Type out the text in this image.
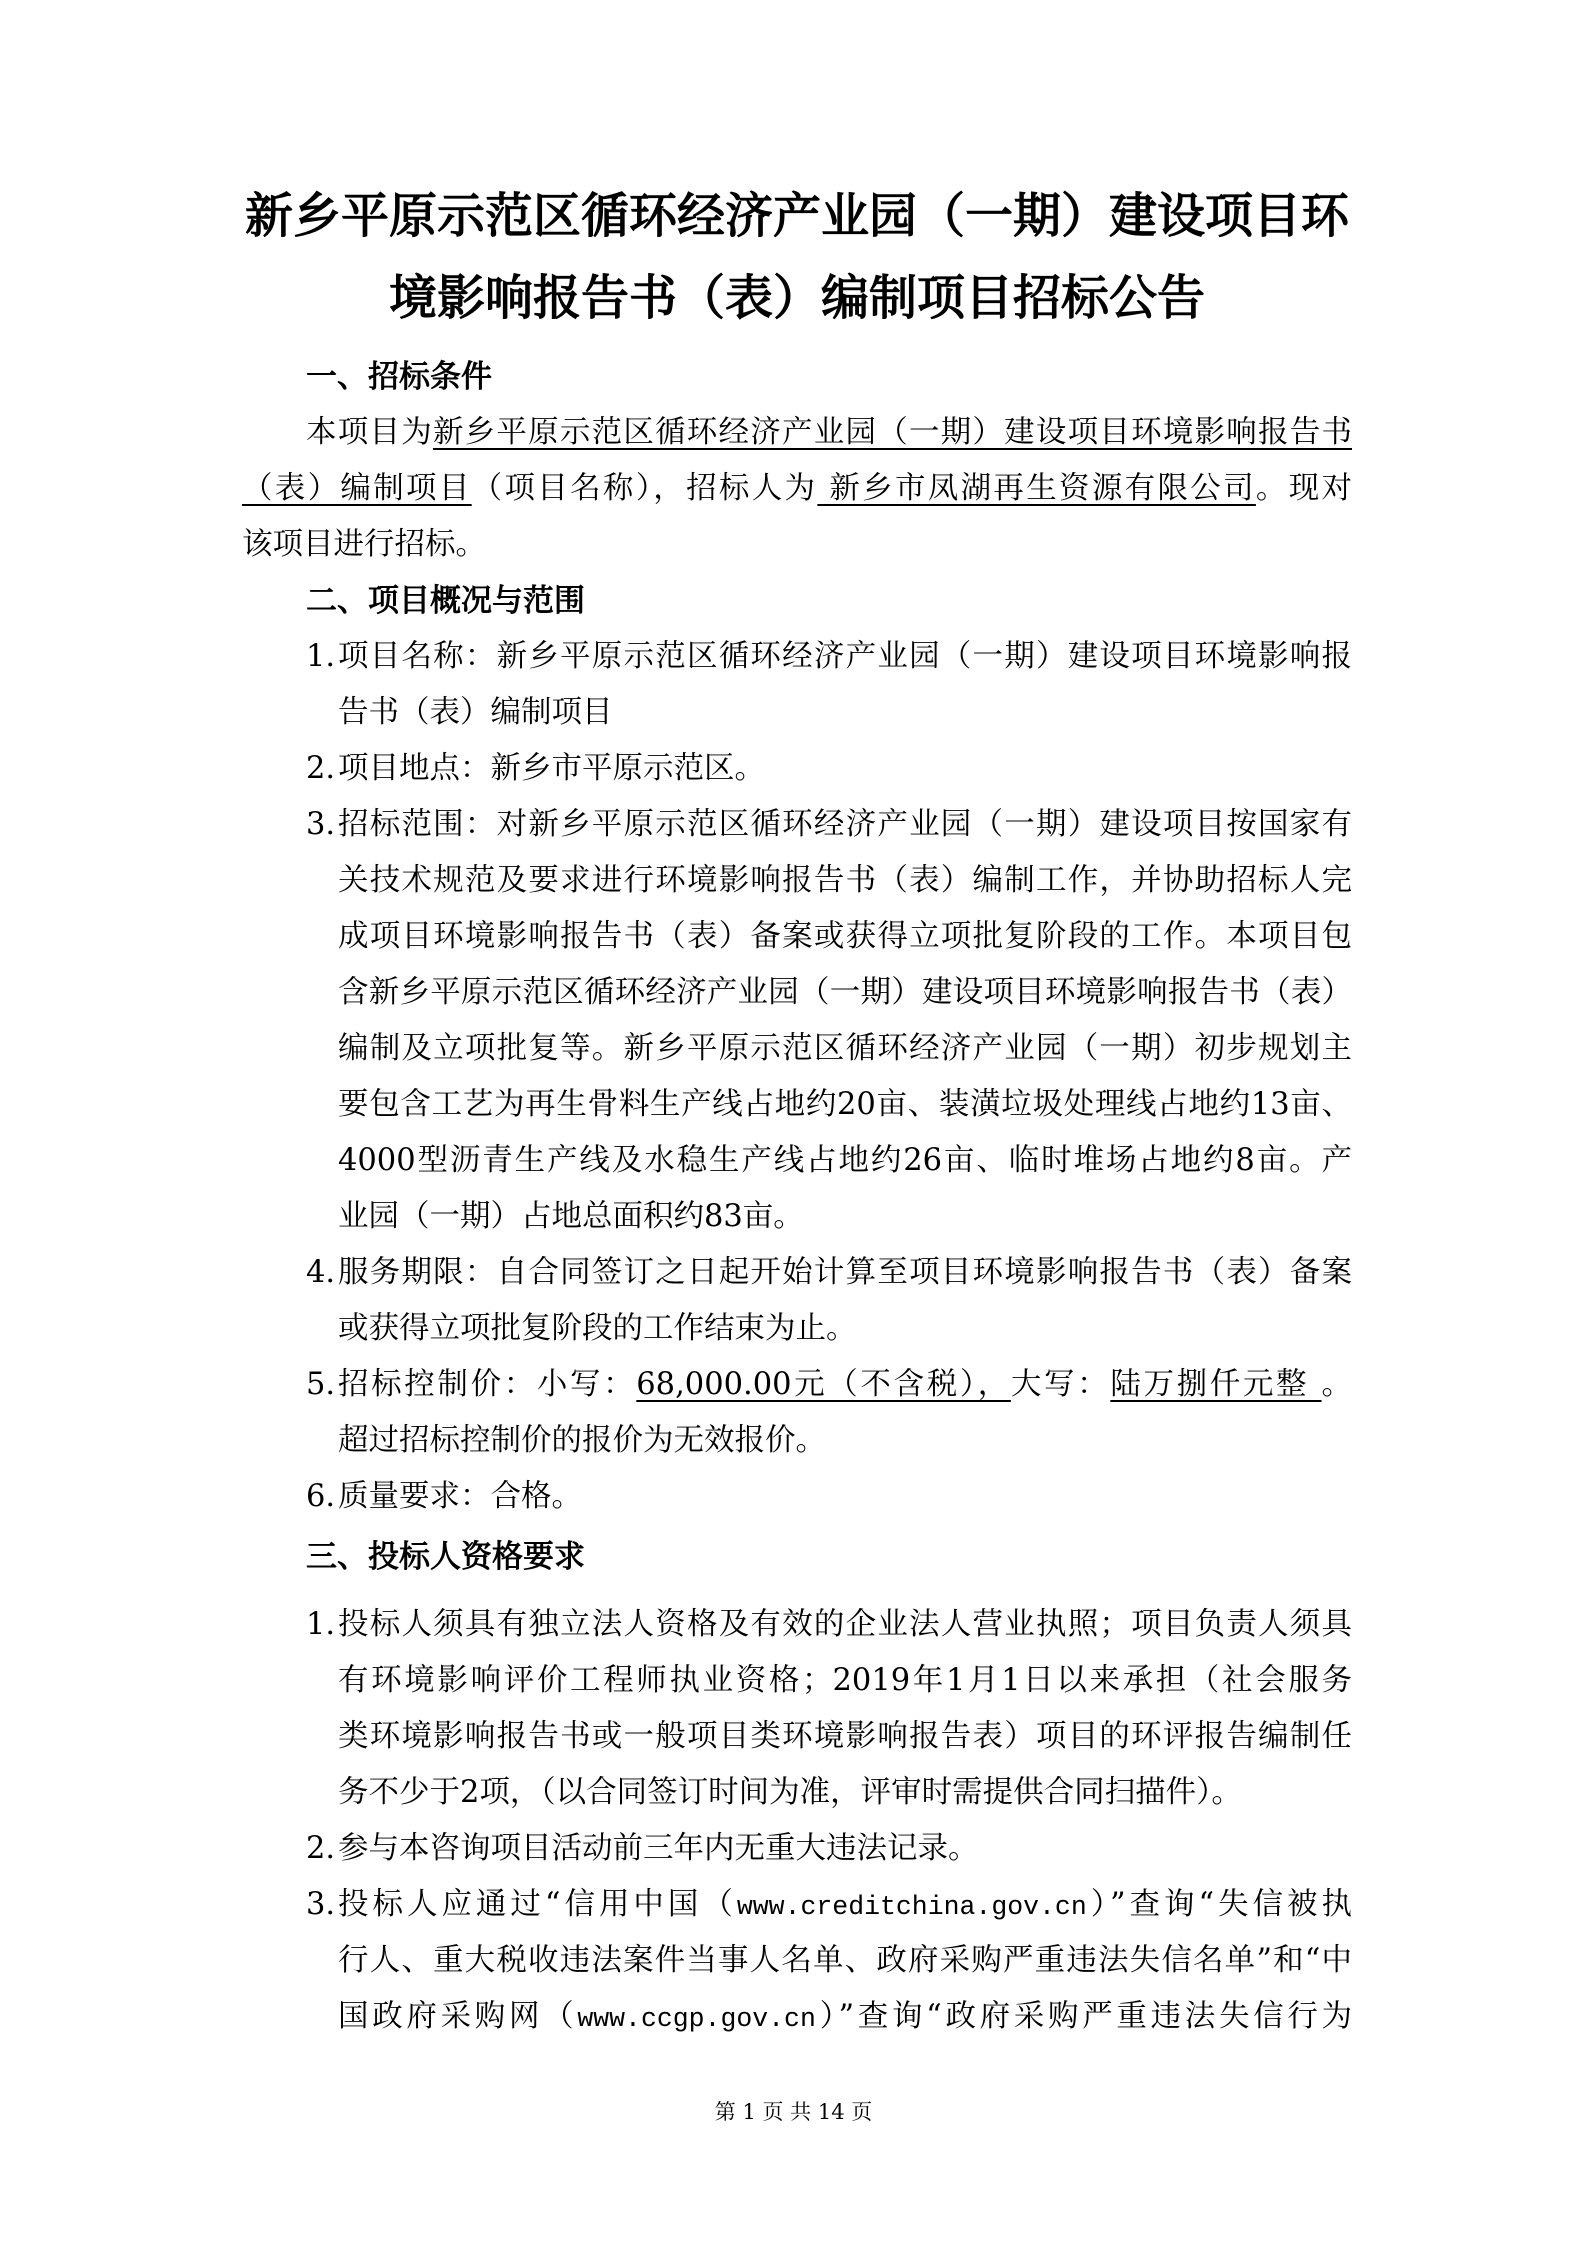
新乡平原示范区循环经济产业园（一期）建设项目环
境影响报告书（表）编制项目招标公告
一、招标条件
本项目为新乡平原示范区循环经济产业园（一期）建设项目环境影响报告书
（表）编制项目（项目名称），招标人为 新乡市凤湖再生资源有限公司。现对
该项目进行招标。
二、项目概况与范围
1. 项目名称：新乡平原示范区循环经济产业园（一期）建设项目环境影响报
告书（表）编制项目
2. 项目地点：新乡市平原示范区。
3. 招标范围：对新乡平原示范区循环经济产业园（一期）建设项目按国家有
关技术规范及要求进行环境影响报告书（表）编制工作，并协助招标人完
成项目环境影响报告书（表）备案或获得立项批复阶段的工作。本项目包
含新乡平原示范区循环经济产业园（一期）建设项目环境影响报告书（表）
编制及立项批复等。新乡平原示范区循环经济产业园（一期）初步规划主
要包含工艺为再生骨料生产线占地约20亩、装潢垃圾处理线占地约13亩、
4000型沥青生产线及水稳生产线占地约26亩、临时堆场占地约8亩。产
业园（一期）占地总面积约83亩。
4. 服务期限：自合同签订之日起开始计算至项目环境影响报告书（表）备案
或获得立项批复阶段的工作结束为止。
5. 招标控制价：小写：68,000.00元（不含税），大写：陆万捌仟元整 。
超过招标控制价的报价为无效报价。
6. 质量要求：合格。
三、投标人资格要求
1. 投标人须具有独立法人资格及有效的企业法人营业执照；项目负责人须具
有环境影响评价工程师执业资格；2019年1月1日以来承担（社会服务
类环境影响报告书或一般项目类环境影响报告表）项目的环评报告编制任
务不少于2项，（以合同签订时间为准，评审时需提供合同扫描件）。
2. 参与本咨询项目活动前三年内无重大违法记录。
3. 投标人应通过“信用中国（www.creditchina.gov.cn）”查询“失信被执
行人、重大税收违法案件当事人名单、政府采购严重违法失信名单”和“中
国政府采购网（www.ccgp.gov.cn）”查询“政府采购严重违法失信行为
第 1 页 共 14 页
